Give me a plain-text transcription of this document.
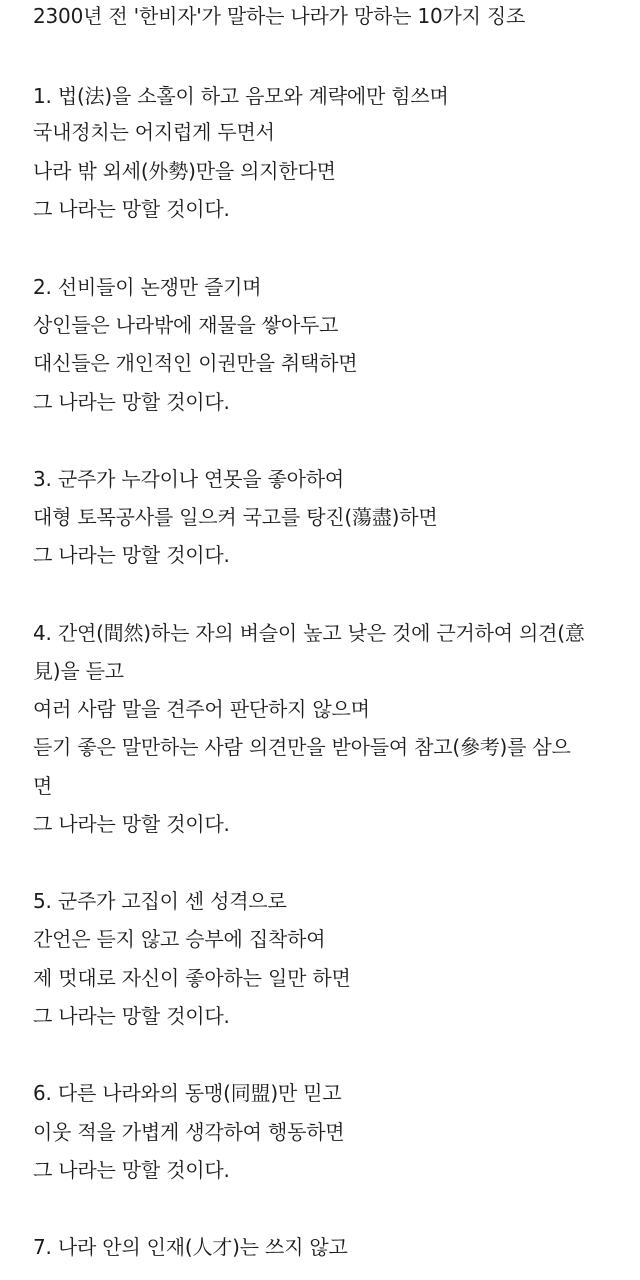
2300년 전 '한비자'가 말하는 나라가 망하는 10가지 징조

1. 법(法)을 소홀이 하고 음모와 계략에만 힘쓰며

국내정치는 어지럽게 두면서

나라 밖 외세(外勢)만을 의지한다면

그 나라는 망할 것이다.

2. 선비들이 논쟁만 즐기며

상인들은 나라밖에 재물을 쌓아두고

대신들은 개인적인 이권만을 취택하면

그 나라는 망할 것이다.

3. 군주가 누각이나 연못을 좋아하여

대형 토목공사를 일으켜 국고를 탕진(蕩盡)하면

그 나라는 망할 것이다.

4. 간연(間然)하는 자의 벼슬이 높고 낮은 것에 근거하여 의견(意

見)을 듣고

여러 사람 말을 견주어 판단하지 않으며

듣기 좋은 말만하는 사람 의견만을 받아들여 참고(參考)를 삼으

면

그 나라는 망할 것이다.

5. 군주가 고집이 센 성격으로

간언은 듣지 않고 승부에 집착하여

제 멋대로 자신이 좋아하는 일만 하면

그 나라는 망할 것이다.

6. 다른 나라와의 동맹(同盟)만 믿고

이웃 적을 가볍게 생각하여 행동하면

그 나라는 망할 것이다.

7. 나라 안의 인재(人才)는 쓰지 않고
